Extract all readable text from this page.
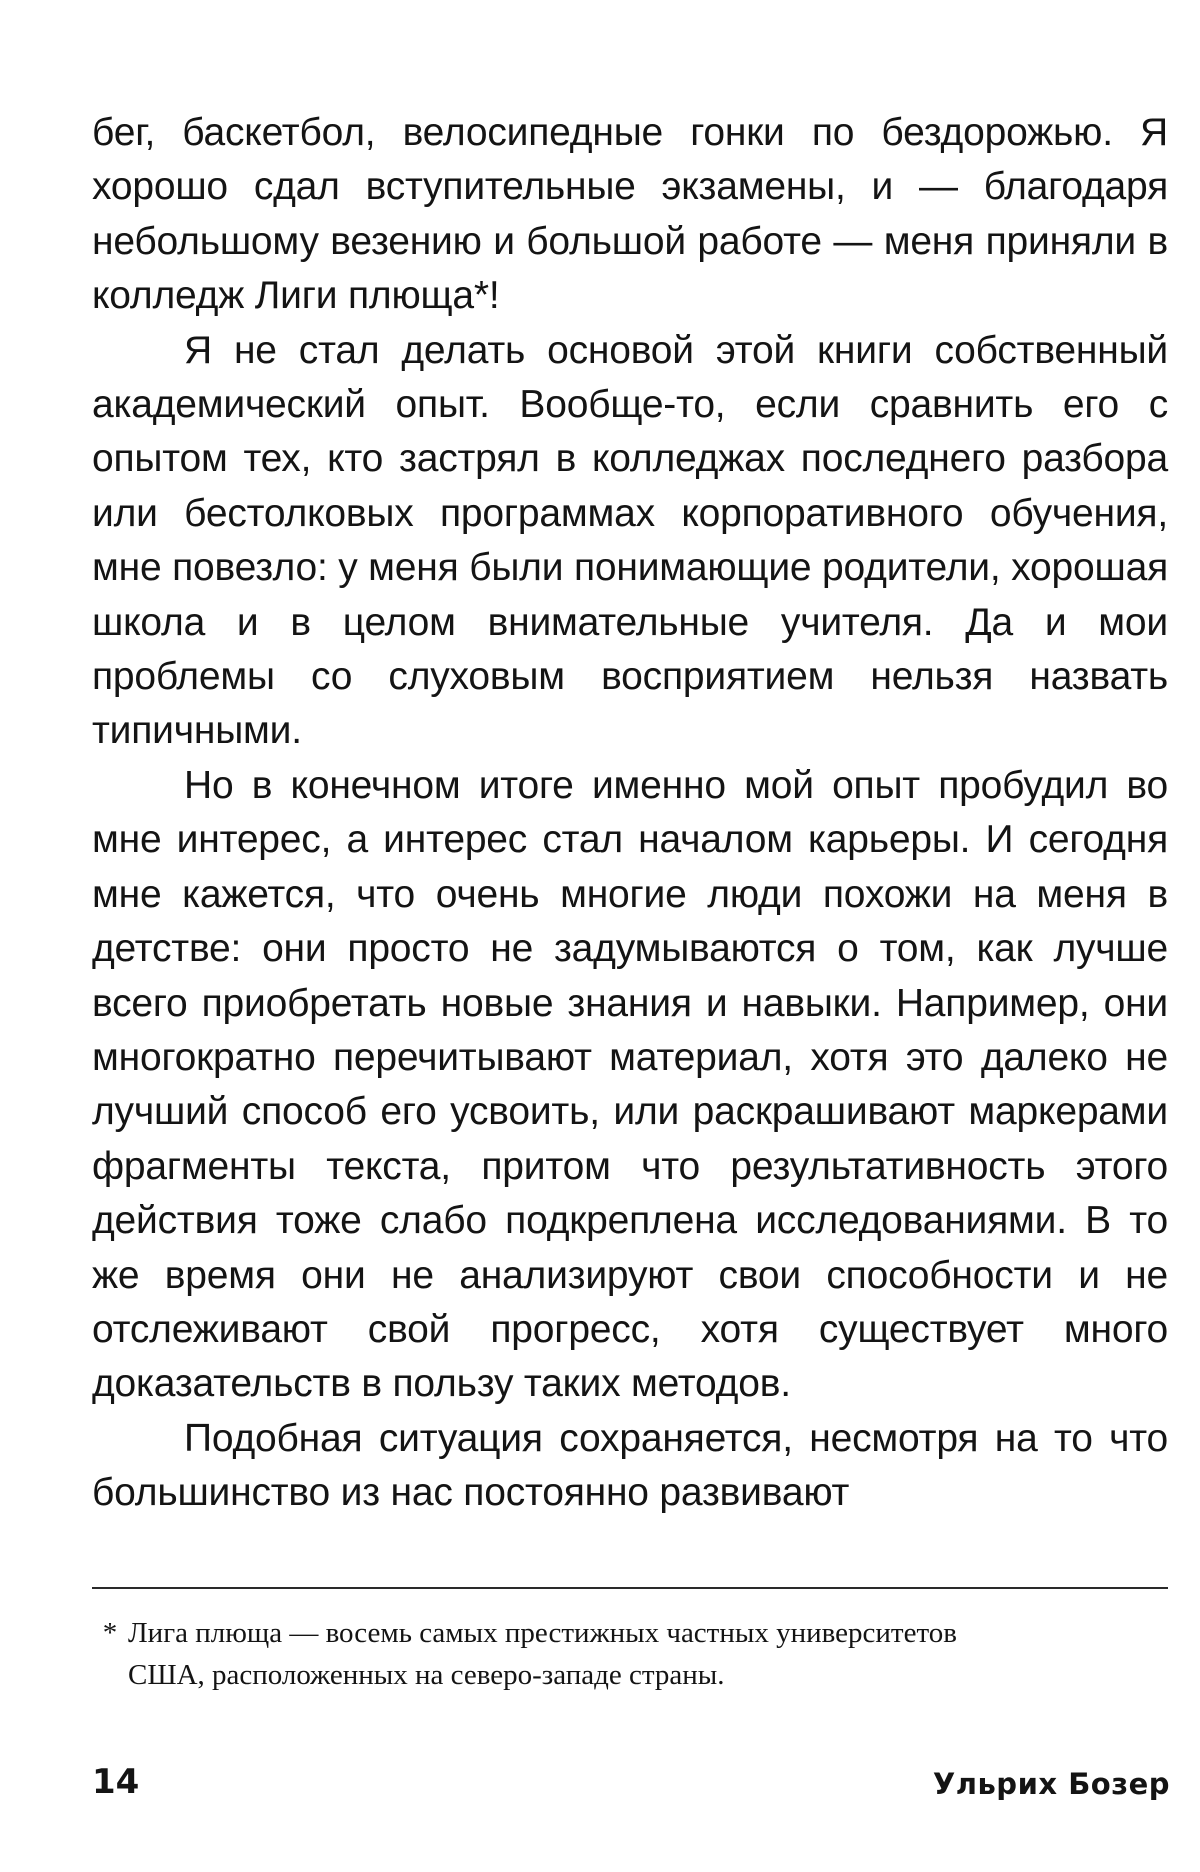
бег, баскетбол, велосипедные гонки по бездорожью. Я хорошо сдал вступительные экзамены, и — благодаря небольшому везению и большой работе — меня приняли в колледж Лиги плюща*!

Я не стал делать основой этой книги собственный академический опыт. Вообще-то, если сравнить его с опытом тех, кто застрял в колледжах последнего разбора или бестолковых программах корпоративного обучения, мне повезло: у меня были понимающие родители, хорошая школа и в целом внимательные учителя. Да и мои проблемы со слуховым восприятием нельзя назвать типичными.

Но в конечном итоге именно мой опыт пробудил во мне интерес, а интерес стал началом карьеры. И сегодня мне кажется, что очень многие люди похожи на меня в детстве: они просто не задумываются о том, как лучше всего приобретать новые знания и навыки. Например, они многократно перечитывают материал, хотя это далеко не лучший способ его усвоить, или раскрашивают маркерами фрагменты текста, притом что результативность этого действия тоже слабо подкреплена исследованиями. В то же время они не анализируют свои способности и не отслеживают свой прогресс, хотя существует много доказательств в пользу таких методов.

Подобная ситуация сохраняется, несмотря на то что большинство из нас постоянно развивают

* Лига плюща — восемь самых престижных частных университетов
США, расположенных на северо-западе страны.

14	Ульрих Бозер
